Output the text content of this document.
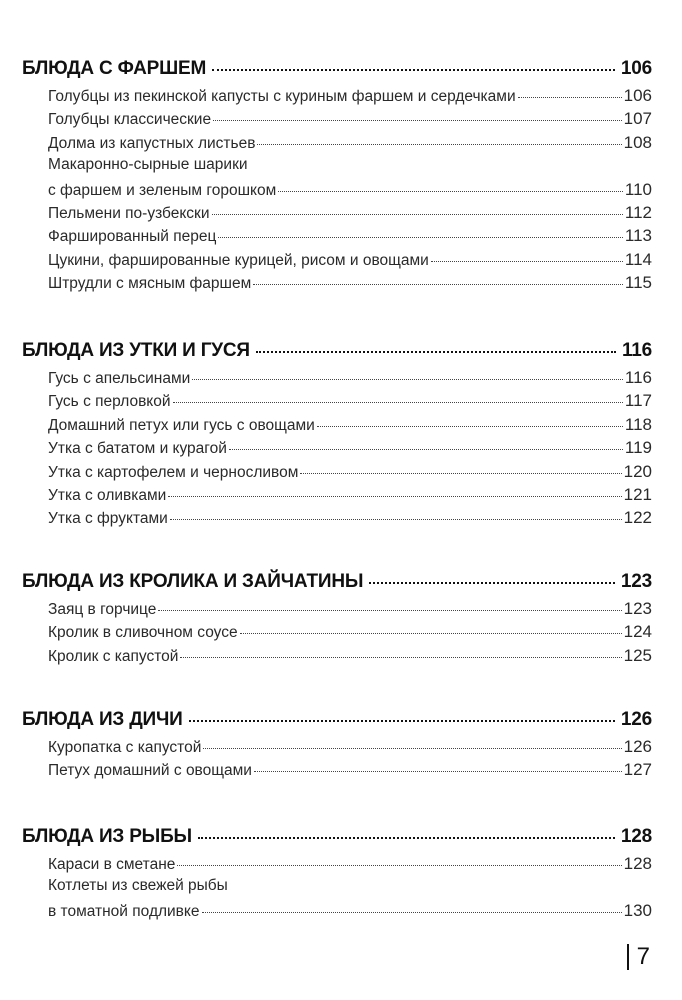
БЛЮДА С ФАРШЕМ	106
Голубцы из пекинской капусты с куриным фаршем и сердечками	106
Голубцы классические	107
Долма из капустных листьев	108
Макаронно-сырные шарики
с фаршем и зеленым горошком	110
Пельмени по-узбекски	112
Фаршированный перец	113
Цукини, фаршированные курицей, рисом и овощами	114
Штрудли с мясным фаршем	115
БЛЮДА ИЗ УТКИ И ГУСЯ	116
Гусь с апельсинами	116
Гусь с перловкой	117
Домашний петух или гусь с овощами	118
Утка с бататом и курагой	119
Утка с картофелем и черносливом	120
Утка с оливками	121
Утка с фруктами	122
БЛЮДА ИЗ КРОЛИКА И ЗАЙЧАТИНЫ	123
Заяц в горчице	123
Кролик в сливочном соусе	124
Кролик с капустой	125
БЛЮДА ИЗ ДИЧИ	126
Куропатка с капустой	126
Петух домашний с овощами	127
БЛЮДА ИЗ РЫБЫ	128
Караси в сметане	128
Котлеты из свежей рыбы
в томатной подливке	130
7
